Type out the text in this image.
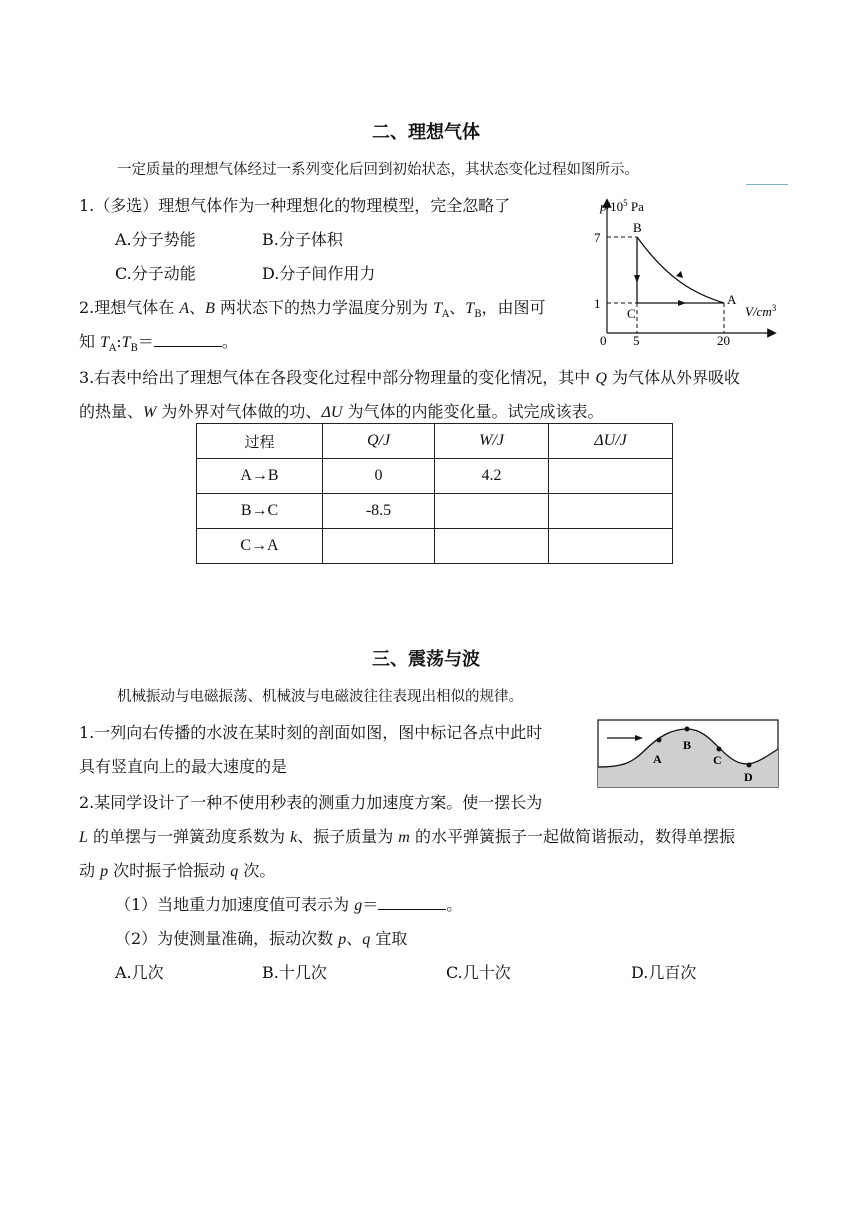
二、理想气体
一定质量的理想气体经过一系列变化后回到初始状态，其状态变化过程如图所示。
1.（多选）理想气体作为一种理想化的物理模型，完全忽略了
A.分子势能	B.分子体积
C.分子动能	D.分子间作用力
2.理想气体在 A、B 两状态下的热力学温度分别为 $T_A$、$T_B$，由图可
知 $T_A:T_B=$	。
3.右表中给出了理想气体在各段变化过程中部分物理量的变化情况，其中 Q 为气体从外界吸收
的热量、W 为外界对气体做的功、ΔU 为气体的内能变化量。试完成该表。
$p/10^5$ Pa
$V/cm^3$
7
1
0 5	20
B
C
A
过程	Q/J	W/J	ΔU/J
A→B	0	4.2	
B→C	-8.5		
C→A			
三、震荡与波
机械振动与电磁振荡、机械波与电磁波往往表现出相似的规律。
1.一列向右传播的水波在某时刻的剖面如图，图中标记各点中此时
具有竖直向上的最大速度的是	A
B
C
D
2.某同学设计了一种不使用秒表的测重力加速度方案。使一摆长为
L 的单摆与一弹簧劲度系数为 k、振子质量为 m 的水平弹簧振子一起做简谐振动，数得单摆振
动 p 次时振子恰振动 q 次。
（1）当地重力加速度值可表示为 g＝	。
（2）为使测量准确，振动次数 p、q 宜取
A.几次	B.十几次	C.几十次	D.几百次
